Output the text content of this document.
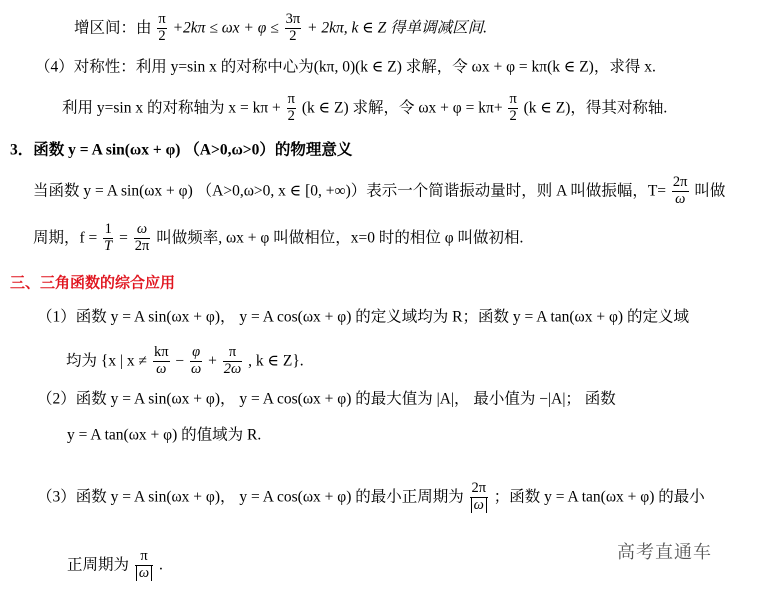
增区间：由 $\frac{\pi}{2} +2k\pi \le \omega x + \varphi \le \frac{3\pi}{2} + 2k\pi$, k ∈ Z 得单调减区间.
（4）对称性：利用 y=sin x 的对称中心为(kπ, 0)(k ∈ Z) 求解，令 ωx + φ = kπ(k ∈ Z)，求得 x.
利用 y=sin x 的对称轴为 $x = k\pi + \frac{\pi}{2} (k$ ∈ Z) 求解，令 $\omega x + \varphi = k\pi+ \frac{\pi}{2} (k$ ∈ Z)，得其对称轴.
3．函数 y = A sin(ωx + φ) （A>0,ω>0）的物理意义
当函数 y = A sin(ωx + φ) （A>0,ω>0, x ∈ [0, +∞)）表示一个简谐振动量时，则 A 叫做振幅，$T= \frac{2\pi}{\omega}$ 叫做
周期，$f = \frac{1}{T} = \frac{\omega}{2\pi}$ 叫做频率, ωx + φ 叫做相位，x=0 时的相位 φ 叫做初相.
三、三角函数的综合应用
（1）函数 y = A sin(ωx + φ)， y = A cos(ωx + φ) 的定义域均为 R；函数 y = A tan(ωx + φ) 的定义域
均为 {x | $x \ne \frac{k\pi}{\omega} - \frac{\varphi}{\omega} + \frac{\pi}{2\omega}$ , k ∈ Z}.
（2）函数 y = A sin(ωx + φ)， y = A cos(ωx + φ) 的最大值为 |A|， 最小值为 −|A|； 函数
y = A tan(ωx + φ) 的值域为 R.
（3）函数 y = A sin(ωx + φ)， y = A cos(ωx + φ) 的最小正周期为 $\frac{2\pi}{\omega}$ ；函数 y = A tan(ωx + φ) 的最小
正周期为 $\frac{\pi}{\omega}$ .
高考直通车
